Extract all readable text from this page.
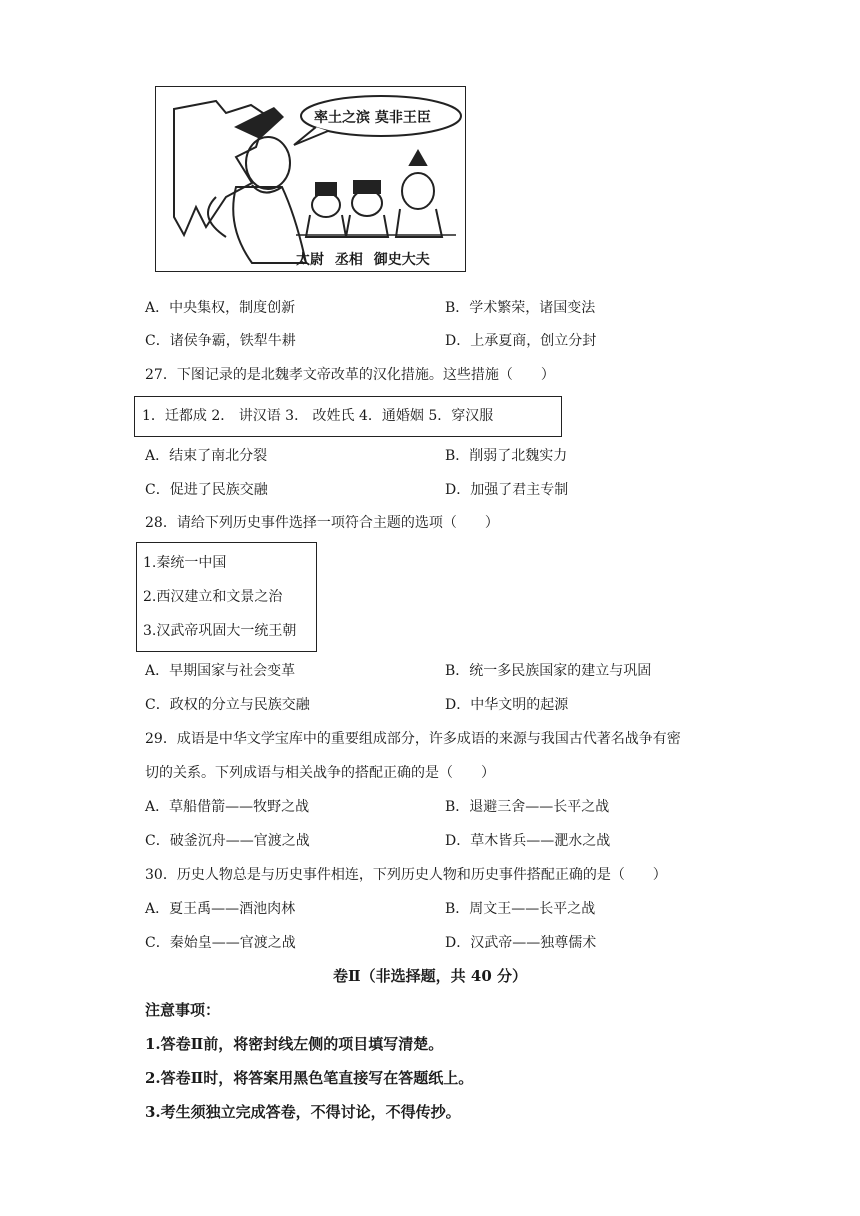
率土之滨 莫非王臣
太尉 丞相 御史大夫
A．中央集权，制度创新	B．学术繁荣，诸国变法
C．诸侯争霸，铁犁牛耕	D．上承夏商，创立分封
27．下图记录的是北魏孝文帝改革的汉化措施。这些措施（　　）
1．迁都成 2． 讲汉语 3． 改姓氏 4．通婚姻 5．穿汉服
A．结束了南北分裂	B．削弱了北魏实力
C．促进了民族交融	D．加强了君主专制
28．请给下列历史事件选择一项符合主题的选项（　　）
1.秦统一中国
2.西汉建立和文景之治
3.汉武帝巩固大一统王朝
A．早期国家与社会变革	B．统一多民族国家的建立与巩固
C．政权的分立与民族交融	D．中华文明的起源
29．成语是中华文学宝库中的重要组成部分，许多成语的来源与我国古代著名战争有密
切的关系。下列成语与相关战争的搭配正确的是（　　）
A．草船借箭——牧野之战	B．退避三舍——长平之战
C．破釜沉舟——官渡之战	D．草木皆兵——淝水之战
30．历史人物总是与历史事件相连，下列历史人物和历史事件搭配正确的是（　　）
A．夏王禹——酒池肉林	B．周文王——长平之战
C．秦始皇——官渡之战	D．汉武帝——独尊儒术
卷Ⅱ（非选择题，共 40 分）
注意事项：
1.答卷Ⅱ前，将密封线左侧的项目填写清楚。
2.答卷Ⅱ时，将答案用黑色笔直接写在答题纸上。
3.考生须独立完成答卷，不得讨论，不得传抄。
